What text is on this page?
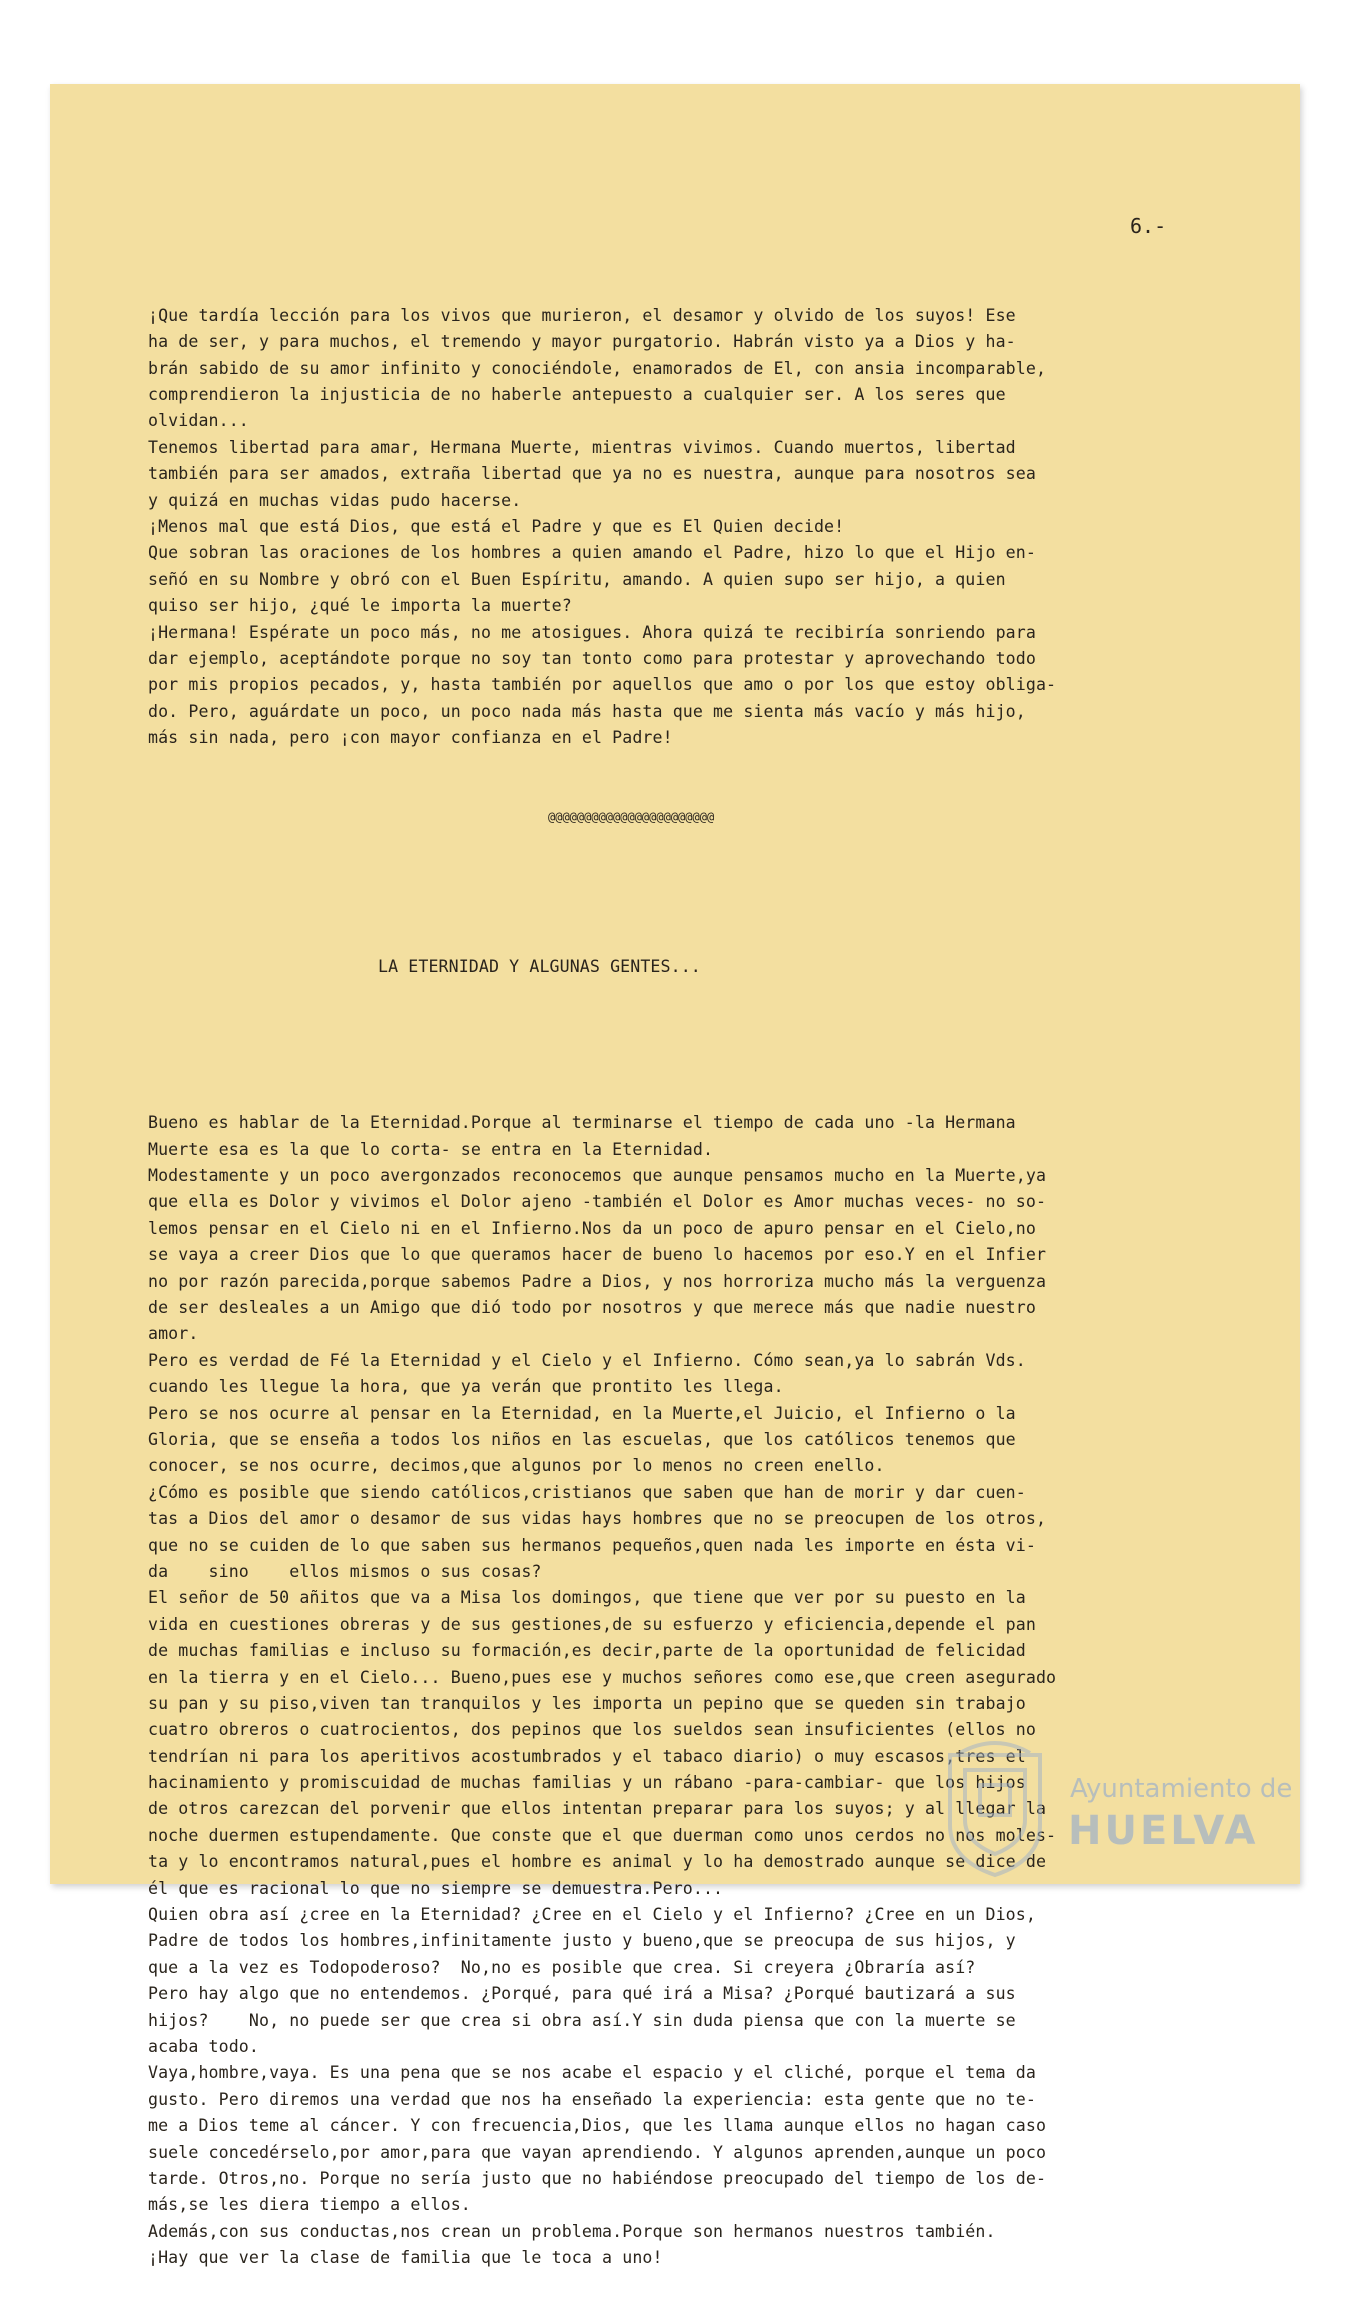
6.-

¡Que tardía lección para los vivos que murieron, el desamor y olvido de los suyos! Ese
ha de ser, y para muchos, el tremendo y mayor purgatorio. Habrán visto ya a Dios y ha-
brán sabido de su amor infinito y conociéndole, enamorados de El, con ansia incomparable,
comprendieron la injusticia de no haberle antepuesto a cualquier ser. A los seres que
olvidan...
Tenemos libertad para amar, Hermana Muerte, mientras vivimos. Cuando muertos, libertad
también para ser amados, extraña libertad que ya no es nuestra, aunque para nosotros sea
y quizá en muchas vidas pudo hacerse.
¡Menos mal que está Dios, que está el Padre y que es El Quien decide!
Que sobran las oraciones de los hombres a quien amando el Padre, hizo lo que el Hijo en-
señó en su Nombre y obró con el Buen Espíritu, amando. A quien supo ser hijo, a quien
quiso ser hijo, ¿qué le importa la muerte?
¡Hermana! Espérate un poco más, no me atosigues. Ahora quizá te recibiría sonriendo para
dar ejemplo, aceptándote porque no soy tan tonto como para protestar y aprovechando todo
por mis propios pecados, y, hasta también por aquellos que amo o por los que estoy obliga-
do. Pero, aguárdate un poco, un poco nada más hasta que me sienta más vacío y más hijo,
más sin nada, pero ¡con mayor confianza en el Padre!

@@@@@@@@@@@@@@@@@@@@@@@

LA ETERNIDAD Y ALGUNAS GENTES...

Bueno es hablar de la Eternidad.Porque al terminarse el tiempo de cada uno -la Hermana
Muerte esa es la que lo corta- se entra en la Eternidad.
Modestamente y un poco avergonzados reconocemos que aunque pensamos mucho en la Muerte,ya
que ella es Dolor y vivimos el Dolor ajeno -también el Dolor es Amor muchas veces- no so-
lemos pensar en el Cielo ni en el Infierno.Nos da un poco de apuro pensar en el Cielo,no
se vaya a creer Dios que lo que queramos hacer de bueno lo hacemos por eso.Y en el Infier
no por razón parecida,porque sabemos Padre a Dios, y nos horroriza mucho más la verguenza
de ser desleales a un Amigo que dió todo por nosotros y que merece más que nadie nuestro
amor.
Pero es verdad de Fé la Eternidad y el Cielo y el Infierno. Cómo sean,ya lo sabrán Vds.
cuando les llegue la hora, que ya verán que prontito les llega.
Pero se nos ocurre al pensar en la Eternidad, en la Muerte,el Juicio, el Infierno o la
Gloria, que se enseña a todos los niños en las escuelas, que los católicos tenemos que
conocer, se nos ocurre, decimos,que algunos por lo menos no creen enello.
¿Cómo es posible que siendo católicos,cristianos que saben que han de morir y dar cuen-
tas a Dios del amor o desamor de sus vidas hays hombres que no se preocupen de los otros,
que no se cuiden de lo que saben sus hermanos pequeños,quen nada les importe en ésta vi-
da    sino    ellos mismos o sus cosas?
El señor de 50 añitos que va a Misa los domingos, que tiene que ver por su puesto en la
vida en cuestiones obreras y de sus gestiones,de su esfuerzo y eficiencia,depende el pan
de muchas familias e incluso su formación,es decir,parte de la oportunidad de felicidad
en la tierra y en el Cielo... Bueno,pues ese y muchos señores como ese,que creen asegurado
su pan y su piso,viven tan tranquilos y les importa un pepino que se queden sin trabajo
cuatro obreros o cuatrocientos, dos pepinos que los sueldos sean insuficientes (ellos no
tendrían ni para los aperitivos acostumbrados y el tabaco diario) o muy escasos,tres el
hacinamiento y promiscuidad de muchas familias y un rábano -para-cambiar- que los hijos
de otros carezcan del porvenir que ellos intentan preparar para los suyos; y al llegar la
noche duermen estupendamente. Que conste que el que duerman como unos cerdos no nos moles-
ta y lo encontramos natural,pues el hombre es animal y lo ha demostrado aunque se dice de
él que es racional lo que no siempre se demuestra.Pero...
Quien obra así ¿cree en la Eternidad? ¿Cree en el Cielo y el Infierno? ¿Cree en un Dios,
Padre de todos los hombres,infinitamente justo y bueno,que se preocupa de sus hijos, y
que a la vez es Todopoderoso?  No,no es posible que crea. Si creyera ¿Obraría así?
Pero hay algo que no entendemos. ¿Porqué, para qué irá a Misa? ¿Porqué bautizará a sus
hijos?    No, no puede ser que crea si obra así.Y sin duda piensa que con la muerte se
acaba todo.
Vaya,hombre,vaya. Es una pena que se nos acabe el espacio y el cliché, porque el tema da
gusto. Pero diremos una verdad que nos ha enseñado la experiencia: esta gente que no te-
me a Dios teme al cáncer. Y con frecuencia,Dios, que les llama aunque ellos no hagan caso
suele concedérselo,por amor,para que vayan aprendiendo. Y algunos aprenden,aunque un poco
tarde. Otros,no. Porque no sería justo que no habiéndose preocupado del tiempo de los de-
más,se les diera tiempo a ellos.
Además,con sus conductas,nos crean un problema.Porque son hermanos nuestros también.
¡Hay que ver la clase de familia que le toca a uno!

Ayuntamiento de
HUELVA
